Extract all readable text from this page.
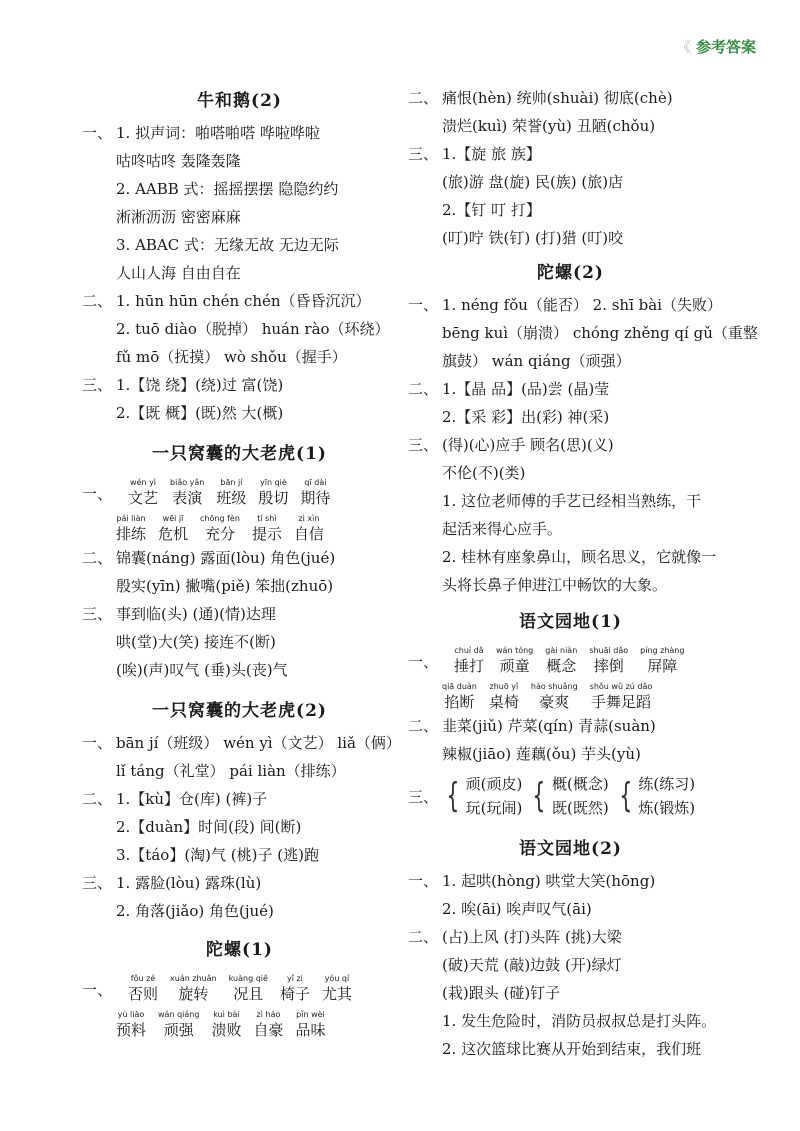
《 参考答案
牛和鹅(2)
一、 1. 拟声词：啪嗒啪嗒 哗啦哗啦
咕咚咕咚 轰隆轰隆
2. AABB 式：摇摇摆摆 隐隐约约
淅淅沥沥 密密麻麻
3. ABAC 式：无缘无故 无边无际
人山人海 自由自在
二、 1. hūn hūn chén chén（昏昏沉沉）
2. tuō diào（脱掉） huán rào（环绕）
fǔ mō（抚摸） wò shǒu（握手）
三、 1.【饶 绕】(绕)过 富(饶)
2.【既 概】(既)然 大(概)
一只窝囊的大老虎(1)
一、
wén yì
文艺
biǎo yǎn
表演
bān jí
班级
yīn qiè
殷切
qī dài
期待
pái liàn
排练
wēi jī
危机
chōng fèn
充分
tí shì
提示
zì xìn
自信
二、 锦囊(náng) 露面(lòu) 角色(jué)
殷实(yīn) 撇嘴(piě) 笨拙(zhuō)
三、 事到临(头) (通)(情)达理
哄(堂)大(笑) 接连不(断)
(唉)(声)叹气 (垂)头(丧)气
一只窝囊的大老虎(2)
一、 bān jí（班级） wén yì（文艺） liǎ（俩）
lǐ táng（礼堂） pái liàn（排练）
二、 1.【kù】仓(库) (裤)子
2.【duàn】时间(段) 间(断)
3.【táo】(淘)气 (桃)子 (逃)跑
三、 1. 露脸(lòu) 露珠(lù)
2. 角落(jiǎo) 角色(jué)
陀螺(1)
一、
fǒu zé
否则
xuán zhuǎn
旋转
kuàng qiě
况且
yǐ zi
椅子
yóu qí
尤其
yù liào
预料
wán qiáng
顽强
kuì bài
溃败
zì háo
自豪
pǐn wèi
品味
二、 痛恨(hèn) 统帅(shuài) 彻底(chè)
溃烂(kuì) 荣誉(yù) 丑陋(chǒu)
三、 1.【旋 旅 族】
(旅)游 盘(旋) 民(族) (旅)店
2.【钉 叮 打】
(叮)咛 铁(钉) (打)猎 (叮)咬
陀螺(2)
一、 1. néng fǒu（能否） 2. shī bài（失败）
bēng kuì（崩溃） chóng zhěng qí gǔ（重整
旗鼓） wán qiáng（顽强）
二、 1.【晶 品】(品)尝 (晶)莹
2.【采 彩】出(彩) 神(采)
三、 (得)(心)应手 顾名(思)(义)
不伦(不)(类)
1. 这位老师傅的手艺已经相当熟练，干
起活来得心应手。
2. 桂林有座象鼻山，顾名思义，它就像一
头将长鼻子伸进江中畅饮的大象。
语文园地(1)
一、
chuí dǎ
捶打
wán tóng
顽童
gài niàn
概念
shuāi dǎo
摔倒
píng zhàng
屏障
qiā duàn
掐断
zhuō yǐ
桌椅
háo shuǎng
豪爽
shǒu wǔ zú dǎo
手舞足蹈
二、 韭菜(jiǔ) 芹菜(qín) 青蒜(suàn)
辣椒(jiāo) 莲藕(ǒu) 芋头(yù)
三、 { 顽(顽皮)
玩(玩闹) { 概(概念)
既(既然) { 练(练习)
炼(锻炼)
语文园地(2)
一、 1. 起哄(hòng) 哄堂大笑(hōng)
2. 唉(āi) 唉声叹气(āi)
二、 (占)上风 (打)头阵 (挑)大梁
(破)天荒 (敲)边鼓 (开)绿灯
(栽)跟头 (碰)钉子
1. 发生危险时，消防员叔叔总是打头阵。
2. 这次篮球比赛从开始到结束，我们班
